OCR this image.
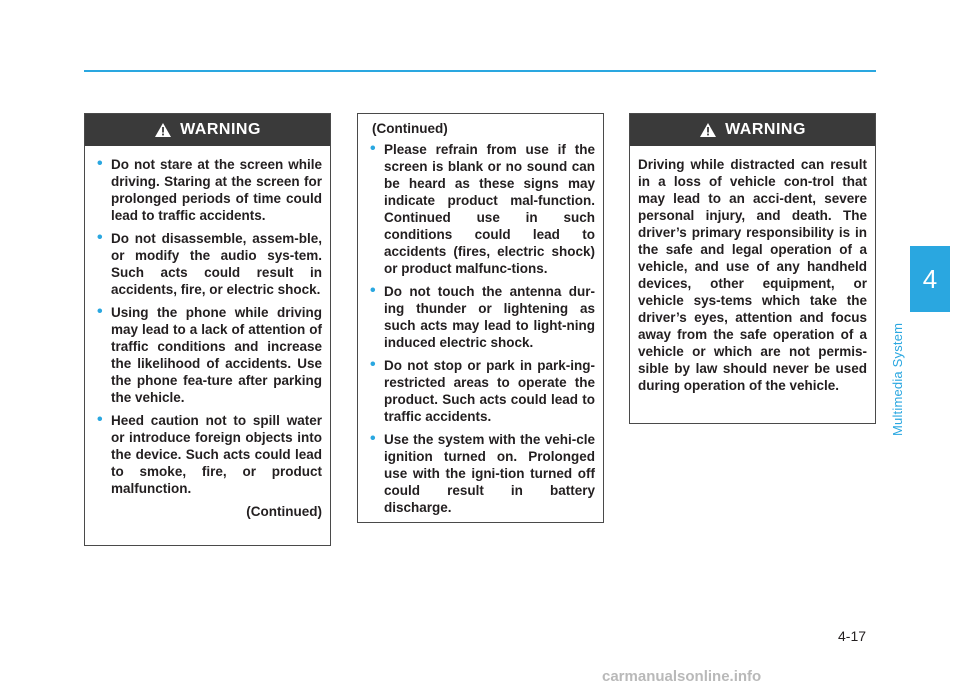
WARNING
• Do not stare at the screen while driving. Staring at the screen for prolonged periods of time could lead to traffic accidents.
• Do not disassemble, assem-ble, or modify the audio sys-tem. Such acts could result in accidents, fire, or electric shock.
• Using the phone while driving may lead to a lack of attention of traffic conditions and increase the likelihood of accidents. Use the phone fea-ture after parking the vehicle.
• Heed caution not to spill water or introduce foreign objects into the device. Such acts could lead to smoke, fire, or product malfunction.
(Continued)
(Continued)
• Please refrain from use if the screen is blank or no sound can be heard as these signs may indicate product mal-function. Continued use in such conditions could lead to accidents (fires, electric shock) or product malfunc-tions.
• Do not touch the antenna dur-ing thunder or lightening as such acts may lead to light-ning induced electric shock.
• Do not stop or park in park-ing-restricted areas to operate the product. Such acts could lead to traffic accidents.
• Use the system with the vehi-cle ignition turned on. Prolonged use with the igni-tion turned off could result in battery discharge.
WARNING
Driving while distracted can result in a loss of vehicle con-trol that may lead to an acci-dent, severe personal injury, and death. The driver’s primary responsibility is in the safe and legal operation of a vehicle, and use of any handheld devices, other equipment, or vehicle sys-tems which take the driver’s eyes, attention and focus away from the safe operation of a vehicle or which are not permis-sible by law should never be used during operation of the vehicle.
4
Multimedia System
4-17
carmanualsonline.info
